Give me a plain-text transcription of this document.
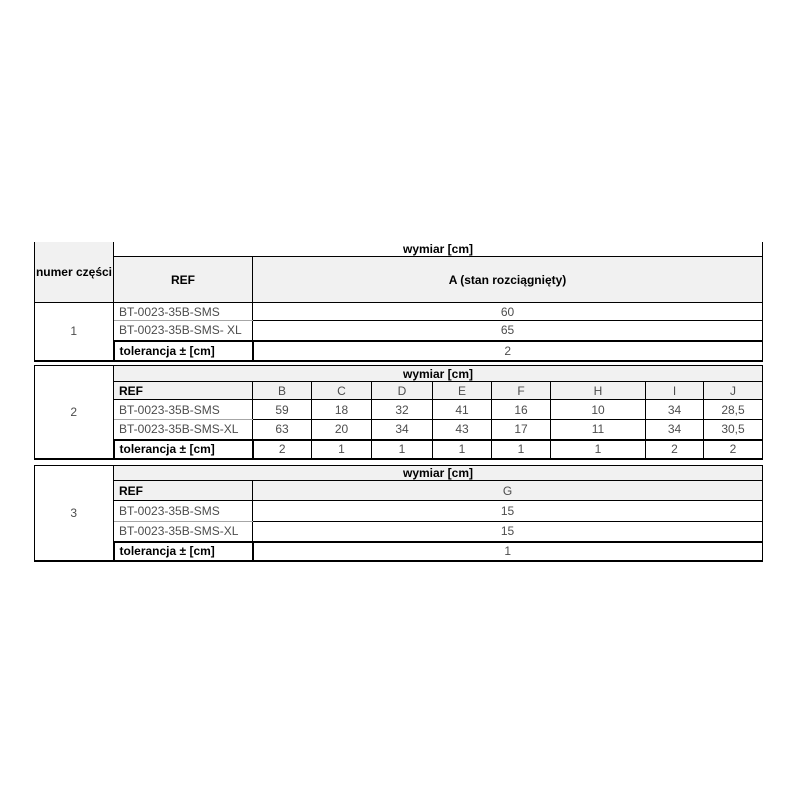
numer części	wymiar [cm]	
	REF	A (stan rozciągnięty)
1	BT-0023-35B-SMS	60
	BT-0023-35B-SMS- XL	65
	tolerancja ± [cm]	2
2	wymiar [cm]								
	REF	B	C	D	E	F	H	I	J
	BT-0023-35B-SMS	59	18	32	41	16	10	34	28,5
	BT-0023-35B-SMS-XL	63	20	34	43	17	11	34	30,5
	tolerancja ± [cm]	2	1	1	1	1	1	2	2
3	wymiar [cm]	
	REF	G
	BT-0023-35B-SMS	15
	BT-0023-35B-SMS-XL	15
	tolerancja ± [cm]	1
